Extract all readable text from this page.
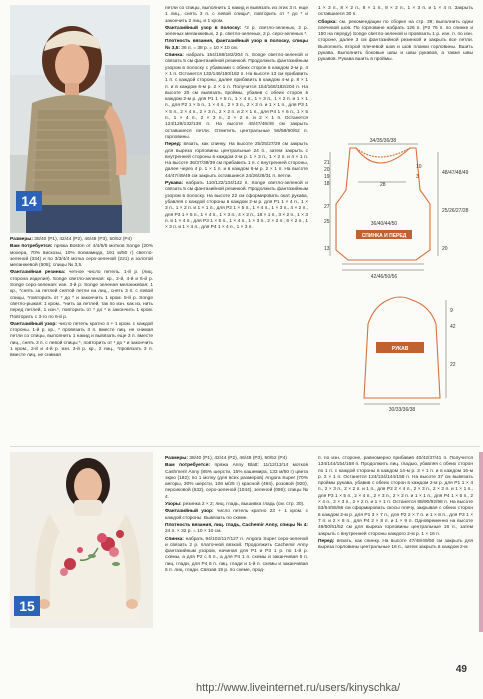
14

Размеры: 38/40 (P1), 42/44 (P2), 46/48 (P3), 50/52 (P4)

Вам потребуется: пряжа Boston от 4/4/5/5 мотков Songe (20% мохера, 70% вискозы, 10% полиамида, 191 м/50 г) светло-зеленой (334) и по 3/3/4/4 мотка серо-зеленой (221) и золотой меланжевой (508); спицы № 3,5.

Фантазийная резинка: четное число петель. 1-й р. (лиц. сторона изделия). Songe светло-зеленая: кр., 2-й, 4-й и 6-й р. Songe серо-зеленая: изн. 3-й р. Songe зеленая меланжевая: 1 кр., *снять за петлей снятой петли на лиц., снять 3 п. с левой спицы, *повторить от * до * и закончить 1 кром. 5-й р. Songe светло-рыжая: 1 кром., *нить за петлей, так по изн. как из, нить перед петлей, 1 изн.*, повторить от * до * и закончить 1 кром. Повторить с 3-го по 6-й р.

Фантазийный узор: число петель кратно 4 + 1 кром. с каждой стороны. 1-й р. кр., * провязать 3 п. вместе лиц. не снимая петли со спицы, выполнить 1 накид и вывязать еще 3 п. вместе лиц., снять 3 п. с левой спицы *, повторить от * до * и закончить 1 кром., 2-й и 4-й р. изн. 3-й р. кр., 2 лиц., *провязать 3 п. вместе лиц. не снимая

петли со спицы, выполнить 1 накид и вывязать из этих 3 п. еще 1 лиц., снять 3 п. с левой спицы*, повторить от * до * и закончить 2 лиц. и 1 кром.

Фантазийный узор в полоску: *2 р. светло-зеленых, 2 р. зеленых меланжевых, 2 р. светло-зеленых, 2 р. серо-зеленых *.

Плотность вязания, фантазийный узор в полоску, спицы № 3,5: 36 п. = 38 р. = 10 × 10 см.

Спинка: набрать 154/168/182/204 п. Songe светло-зеленой и связать 5 см фантазийной резинкой. Продолжить фантазийным узором в полоску с убавками с обеих сторон в каждом 2-м р. 4 × 1 п. Останется 132/146/160/182 п. На высоте 13 см прибавить 1 п. с каждой стороны, далее прибавить в каждом 4-м р. 8 × 1 п. и в каждом 6-м р. 2 × 1 п. Получится 154/168/182/204 п. На высоте 20 см вывязать проймы, убавив с обеих сторон в каждом 2-м р. для Р1 1 × 5 п., 1 × 4 п., 1 × 3 п., 1 × 2 п. и 1 × 1 п., для Р2 1 × 5 п., 1 × 4 п., 2 × 3 п., 2 × 2 п. и 1 × 1 п., для Р3 1 × 5 п., 2 × 4 п., 2 × 3 п., 2 × 2 п. и 2 × 1 п., для Р4 1 × 6 п., 1 × 5 п., 1 × 4 п., 2 × 3 п., 2 × 2 п. и 2 × 1 п. Останется 124/128/132/138 п. На высоте 46/47/48/49 см закрыть оставшиеся петли. Отметить центральные 56/58/60/62 п. горловины.

Перед: вязать, как спинку. На высоте 25/25/27/29 см закрыть для выреза горловины центральные 24 п., затем закрыть с внутренней стороны в каждом 2-м р. 1 × 3 п., 1 × 2 п. и 4 × 1 п. На высоте 36/37/38/39 см прибавить 1 п. с внутренней стороны, далее через 4 р. 1 × 1 п. и в каждом 6-м р. 2 × 1 п. На высоте 44/47/49/49 см закрыть оставшиеся 24/26/28/31 п. петли.

Рукава: набрать 110/122/134/142 п. Songe светло-зеленой и связать 5 см фантазийной резинкой. Продолжить фантазийным узором в полоску. На высоте 22 см сформировать окат рукава, убавляя с каждой стороны в каждом 2-м р. для Р1 1 × 4 п., 1 × 3 п., 1 × 2 п. и 1 × 1 п., для Р2 1 × 5 п., 1 × 4 п., 1 × 3 п., 4 × 2 п., для Р3 1 × 5 п., 1 × 4 п., 1 × 3 п., 4 × 2 п., 18 × 1 п., 3 × 2 п., 1 × 3 п. и 1 × 4 п., для Р3 1 × 5 п., 1 × 4 п., 1 × 3 п., 2 × 2 п., 6 × 2 п., 1 × 3 п. и 1 × 4 п., для Р4 1 × 4 п., 1 × 3 п.

1 × 3 п., 8 × 2 п., 8 × 1 п., 8 × 2 п., 1 × 3 п. и 1 × 4 п. Закрыть оставшиеся 30 п.

Сборка: см. рекомендации по сборке на стр. 39; выполнить одни плечевой шов. По горловине набрать 126 п. (P2 76 п. по спинке и 150 на переду) Songe светло-зеленой и провязать 1 р. изн. п. по изн. стороне, далее 3 см фантазийной резинкой и закрыть все петли. Выполнить второй плечевой шов и шов планки горловины. Вшить рукава. Выполнить боковые швы и швы рукавов, а также швы рукавов. Рукава вшить в проймы.

СПИНКА И ПЕРЕД
34/35/36/38
21
20
19
18
27
25
13
28
10
3
48/47/48/49
25/26/27/28
20
36/40/44/50
42/46/50/56
РУКАВ
9
42
22
30/33/36/38
15

Размеры: 38/40 (P1), 42/44 (P2), 46/48 (P3), 50/52 (P4)

Вам потребуется: пряжа Anny Blatt: 11/12/13/14 мотков Cashmerir Anny (85% шерсти, 15% кашемира, 133 м/50 г) цвета экрю (182); по 1 мотку (для всех размеров) Angora Super (70% ангоры, 30% шерсти, 106 м/25 г) красной (494), розовой (920), персиковой (632), серо-зеленой (1044), зеленой (086); спицы № 4.

Узоры: резинка 2 × 2; лиц. гладь, вышивка гладь (см. стр. 30).

Фантазийный узор: число петель кратно 23 + 1 кром. с каждой стороны. Вывязать по схеме.

Плотность вязания, лиц. гладь, Cachemir Anny, спицы № 4: 24 п. × 32 р. = 10 × 10 см.

Спинка: набрать 94/102/117/127 п. Angora Super серо-зеленой и связать 2 р. платочной вязкой. Продолжить Cachemir Anny фантазийным узором, начиная для P1 и P3 1 р. по 1-й р. схемы, а для P2 с 5 п., а для P4 1 п. схемы и заканчивая 5 п. лиц. глади, для P4 6 п. лиц. глади и 1-й п. схемы и заканчивая 6 п. лиц. глади. Связав 19 р. по схеме, прод-

п. по изн. стороне, равномерно прибавив 40/42/37/41 п. Получится 134/144/154/168 п. Продолжить лиц. гладью, убавляя с обеих сторон по 1 п. с каждой стороны в каждом 14-м р. 3 × 1 п. и в каждом 16-м р. 2 × 1 п. Останется 124/134/144/158 п. На высоте 37 см вывязать проймы рукава, убавив с обеих сторон в каждом 2-м р. для P1 1 × 4 п., 2 × 3 п., 2 × 2 п. и 1 п., для P2 2 × 4 п., 2 × 3 п., 2 × 2 п. и 1 × 1 п., для P3 1 × 5 п., 2 × 4 п., 2 × 3 п., 2 × 2 п. и 1 × 1 п., для P4 1 × 5 п., 2 × 4 п., 2 × 3 п., 2 × 2 п. и 1 × 1 п. Останется 88/90/92/98 п. На высоте 53/54/55/56 см сформировать скосы плечу, закрывая с обеих сторон в каждом 2-м р. для P1 3 × 7 п., для P2 2 × 7 п. и 1 × 8 п., для P3 1 × 7 п. и 2 × 8 п., для P4 2 × 8 п. и 1 × 9 п. Одновременно на высоте 49/50/51/52 см для выреза горловины центральные 16 п., затем закрыть с внутренней стороны каждого 2-м р. 1 × 16 п.

Перед: вязать, как спинку. На высоте 47/48/49/50 см закрыть для выреза горловины центральные 16 п., затем закрыть в каждом 2-м

49
http://www.liveinternet.ru/users/kinyschka/
